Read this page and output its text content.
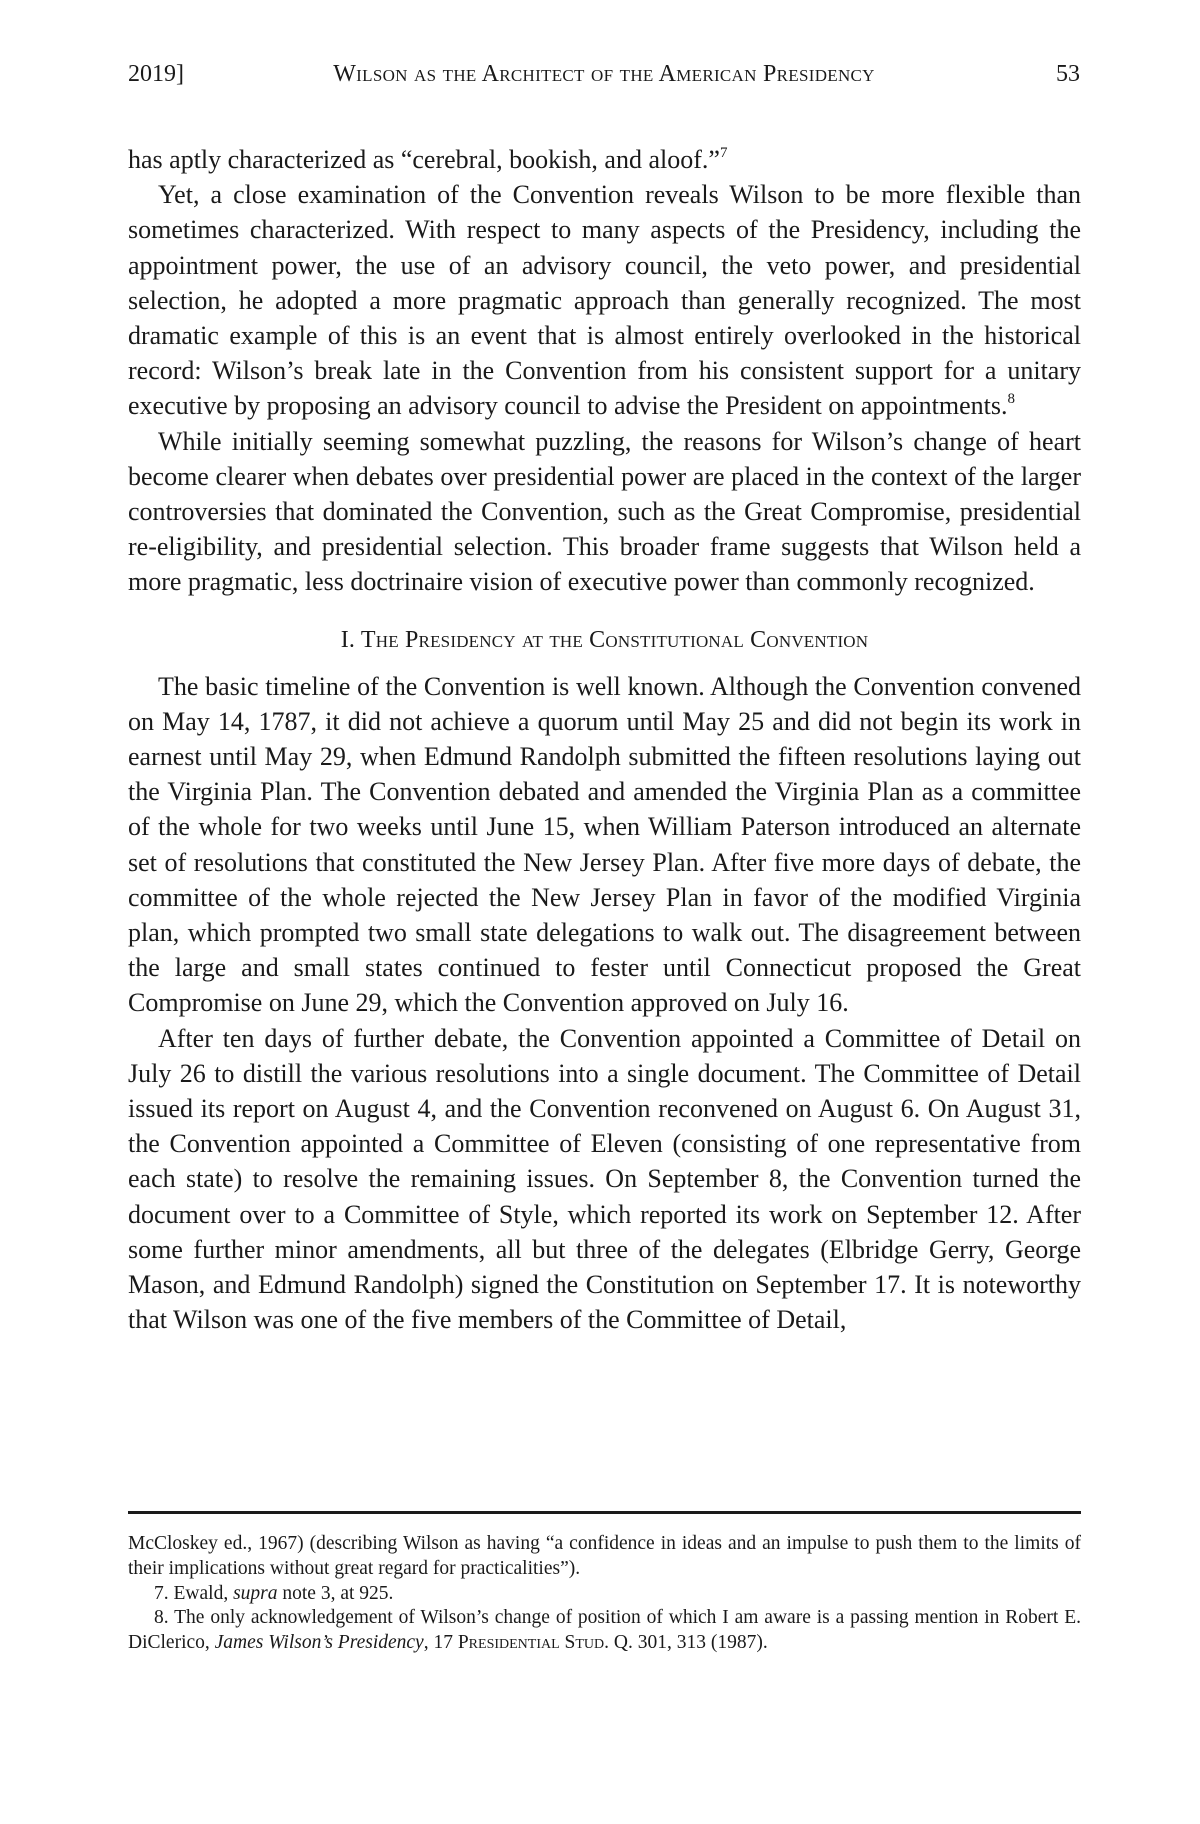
2019]	Wilson as the Architect of the American Presidency	53

has aptly characterized as “cerebral, bookish, and aloof.”$^7$

Yet, a close examination of the Convention reveals Wilson to be more flexible than sometimes characterized. With respect to many aspects of the Presidency, including the appointment power, the use of an advisory council, the veto power, and presidential selection, he adopted a more pragmatic approach than generally recognized. The most dramatic example of this is an event that is almost entirely overlooked in the historical record: Wilson’s break late in the Convention from his consistent support for a unitary executive by proposing an advisory council to advise the President on appointments.$^8$

While initially seeming somewhat puzzling, the reasons for Wilson’s change of heart become clearer when debates over presidential power are placed in the context of the larger controversies that dominated the Convention, such as the Great Compromise, presidential re-eligibility, and presidential selection. This broader frame suggests that Wilson held a more pragmatic, less doctrinaire vision of executive power than commonly recognized.

I. The Presidency at the Constitutional Convention

The basic timeline of the Convention is well known. Although the Convention convened on May 14, 1787, it did not achieve a quorum until May 25 and did not begin its work in earnest until May 29, when Edmund Randolph submitted the fifteen resolutions laying out the Virginia Plan. The Convention debated and amended the Virginia Plan as a committee of the whole for two weeks until June 15, when William Paterson introduced an alternate set of resolutions that constituted the New Jersey Plan. After five more days of debate, the committee of the whole rejected the New Jersey Plan in favor of the modified Virginia plan, which prompted two small state delegations to walk out. The disagreement between the large and small states continued to fester until Connecticut proposed the Great Compromise on June 29, which the Convention approved on July 16.

After ten days of further debate, the Convention appointed a Committee of Detail on July 26 to distill the various resolutions into a single document. The Committee of Detail issued its report on August 4, and the Convention reconvened on August 6. On August 31, the Convention appointed a Committee of Eleven (consisting of one representative from each state) to resolve the remaining issues. On September 8, the Convention turned the document over to a Committee of Style, which reported its work on September 12. After some further minor amendments, all but three of the delegates (Elbridge Gerry, George Mason, and Edmund Randolph) signed the Constitution on September 17. It is noteworthy that Wilson was one of the five members of the Committee of Detail,

McCloskey ed., 1967) (describing Wilson as having “a confidence in ideas and an impulse to push them to the limits of their implications without great regard for practicalities”).

7. Ewald, supra note 3, at 925.

8. The only acknowledgement of Wilson’s change of position of which I am aware is a passing mention in Robert E. DiClerico, James Wilson’s Presidency, 17 Presidential Stud. Q. 301, 313 (1987).
